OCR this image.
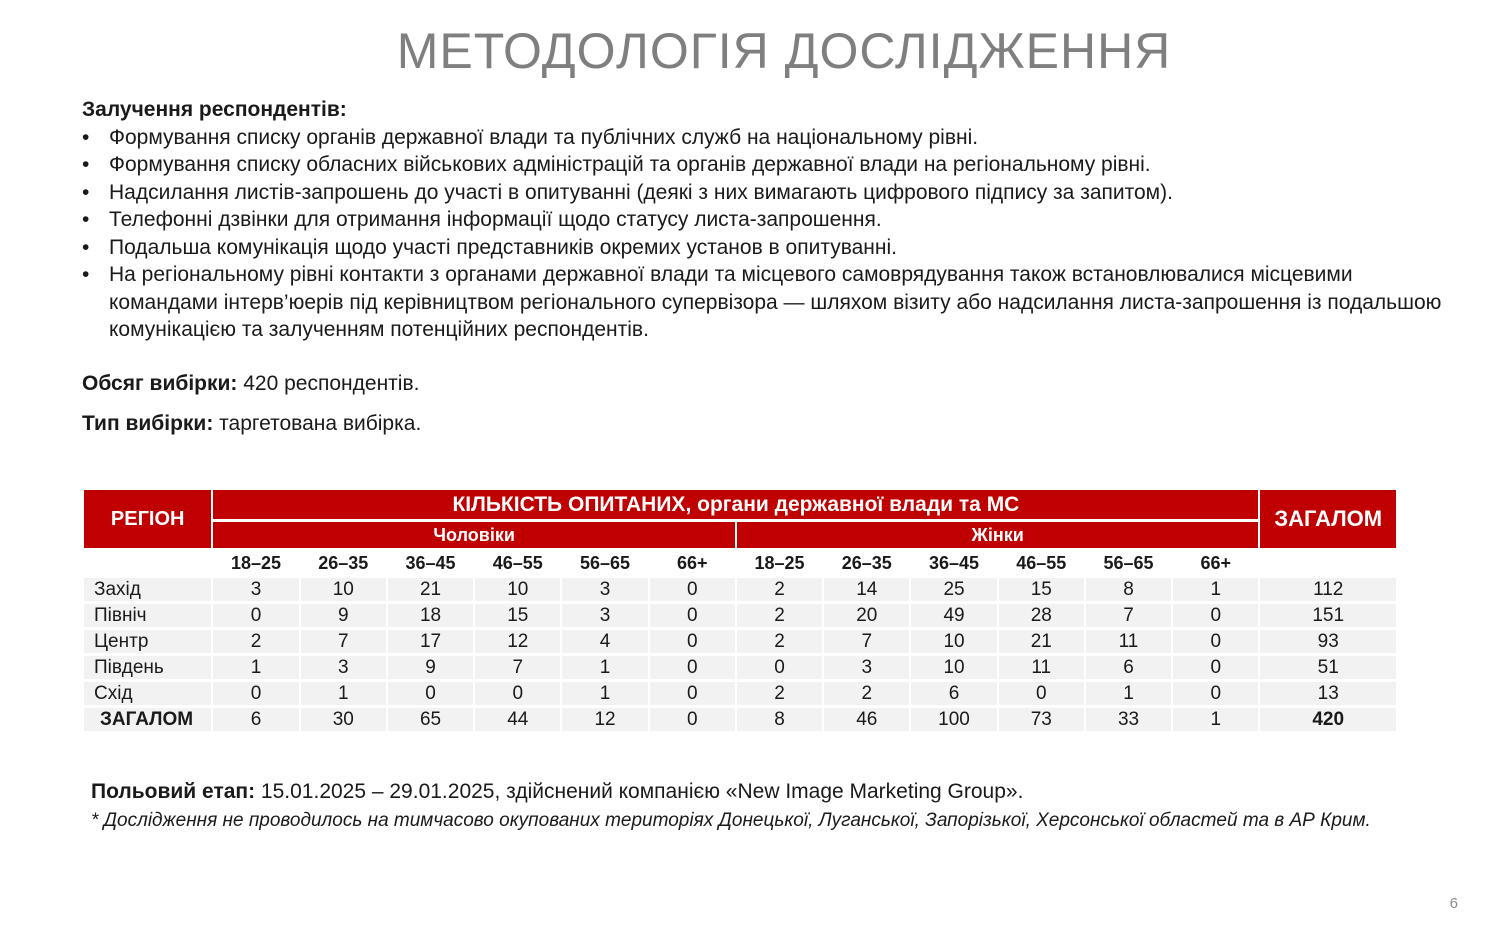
МЕТОДОЛОГІЯ ДОСЛІДЖЕННЯ
Залучення респондентів:
• Формування списку органів державної влади та публічних служб на національному рівні.
• Формування списку обласних військових адміністрацій та органів державної влади на регіональному рівні.
• Надсилання листів-запрошень до участі в опитуванні (деякі з них вимагають цифрового підпису за запитом).
• Телефонні дзвінки для отримання інформації щодо статусу листа-запрошення.
• Подальша комунікація щодо участі представників окремих установ в опитуванні.
• На регіональному рівні контакти з органами державної влади та місцевого самоврядування також встановлювалися місцевими командами інтерв’юерів під керівництвом регіонального супервізора — шляхом візиту або надсилання листа-запрошення із подальшою комунікацією та залученням потенційних респондентів.
Обсяг вибірки: 420 респондентів.
Тип вибірки: таргетована вибірка.
РЕГІОН	КІЛЬКІСТЬ ОПИТАНИХ, органи державної влади та МС												ЗАГАЛОМ
	Чоловіки						Жінки						
	18–25	26–35	36–45	46–55	56–65	66+	18–25	26–35	36–45	46–55	56–65	66+	
Захід	3	10	21	10	3	0	2	14	25	15	8	1	112
Північ	0	9	18	15	3	0	2	20	49	28	7	0	151
Центр	2	7	17	12	4	0	2	7	10	21	11	0	93
Південь	1	3	9	7	1	0	0	3	10	11	6	0	51
Схід	0	1	0	0	1	0	2	2	6	0	1	0	13
ЗАГАЛОМ	6	30	65	44	12	0	8	46	100	73	33	1	420
Польовий етап: 15.01.2025 – 29.01.2025, здійснений компанією «New Image Marketing Group».
* Дослідження не проводилось на тимчасово окупованих територіях Донецької, Луганської, Запорізької, Херсонської областей та в АР Крим.
6
